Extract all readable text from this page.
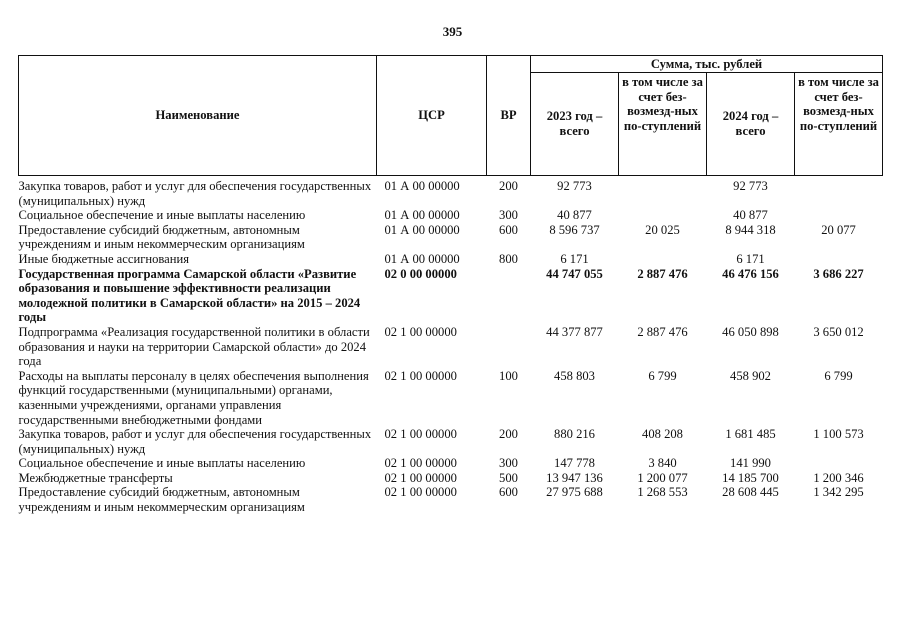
395
Наименование	ЦСР	ВР	Сумма, тыс. рублей			
			2023 год – всего	в том числе за счет без-возмезд-ных по-ступлений	2024 год – всего	в том числе за счет без-возмезд-ных по-ступлений
Закупка товаров, работ и услуг для обеспечения государственных (муниципальных) нужд	01 А 00 00000	200	92 773		92 773	
Социальное обеспечение и иные выплаты населению	01 А 00 00000	300	40 877		40 877	
Предоставление субсидий бюджетным, автономным учреждениям и иным некоммерческим организациям	01 А 00 00000	600	8 596 737	20 025	8 944 318	20 077
Иные бюджетные ассигнования	01 А 00 00000	800	6 171		6 171	
Государственная программа Самарской области «Развитие образования и повышение эффективности реализации молодежной политики в Самарской области» на 2015 – 2024 годы	02 0 00 00000		44 747 055	2 887 476	46 476 156	3 686 227
Подпрограмма «Реализация государственной политики в области образования и науки на территории Самарской области» до 2024 года	02 1 00 00000		44 377 877	2 887 476	46 050 898	3 650 012
Расходы на выплаты персоналу в целях обеспечения выполнения функций государственными (муниципальными) органами, казенными учреждениями, органами управления государственными внебюджетными фондами	02 1 00 00000	100	458 803	6 799	458 902	6 799
Закупка товаров, работ и услуг для обеспечения государственных (муниципальных) нужд	02 1 00 00000	200	880 216	408 208	1 681 485	1 100 573
Социальное обеспечение и иные выплаты населению	02 1 00 00000	300	147 778	3 840	141 990	
Межбюджетные трансферты	02 1 00 00000	500	13 947 136	1 200 077	14 185 700	1 200 346
Предоставление субсидий бюджетным, автономным учреждениям и иным некоммерческим организациям	02 1 00 00000	600	27 975 688	1 268 553	28 608 445	1 342 295
